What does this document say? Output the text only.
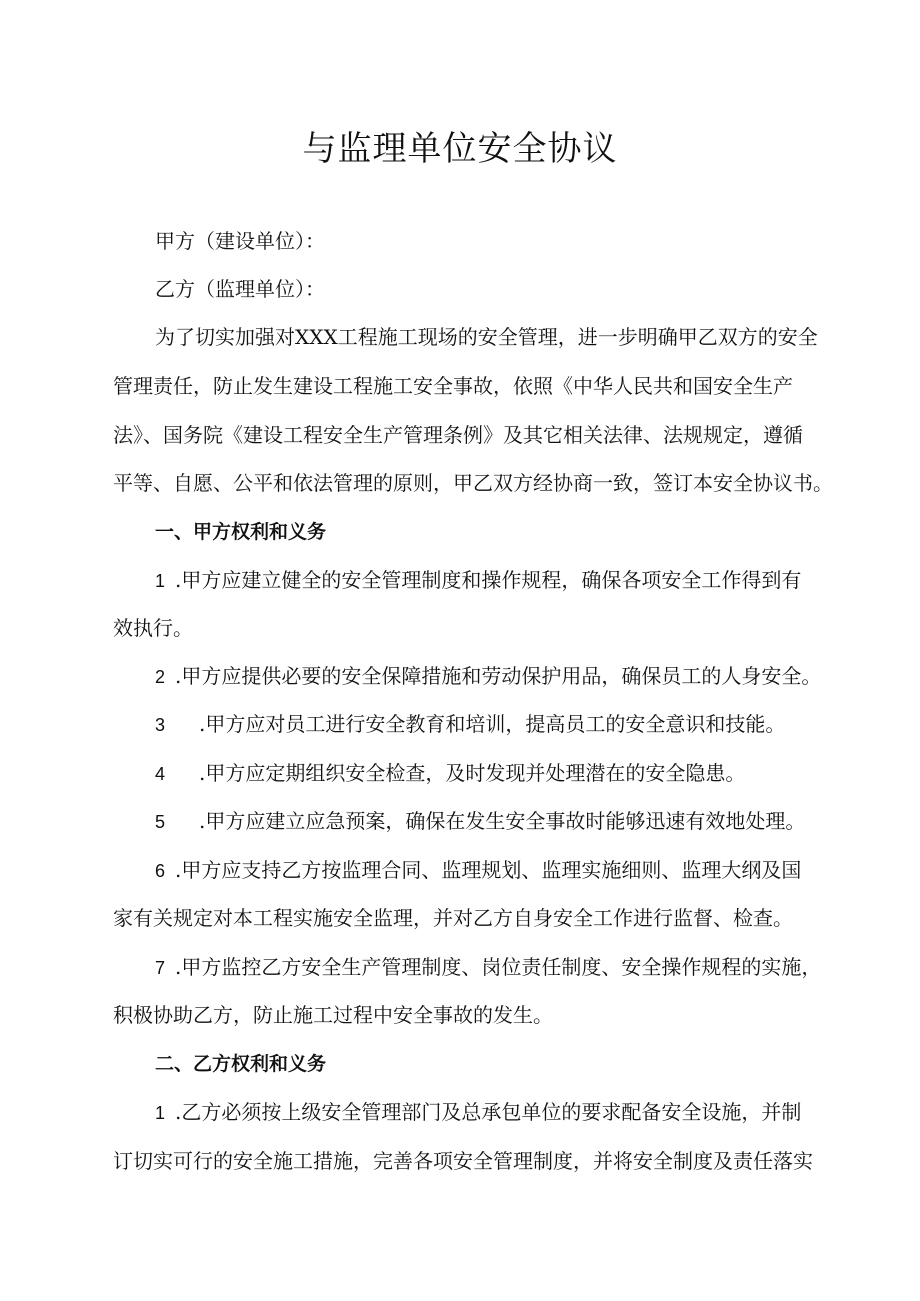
与监理单位安全协议

甲方（建设单位）：

乙方（监理单位）：

为了切实加强对XXX工程施工现场的安全管理，进一步明确甲乙双方的安全

管理责任，防止发生建设工程施工安全事故，依照《中华人民共和国安全生产

法》、国务院《建设工程安全生产管理条例》及其它相关法律、法规规定，遵循

平等、自愿、公平和依法管理的原则，甲乙双方经协商一致，签订本安全协议书。

一、甲方权利和义务

1 .甲方应建立健全的安全管理制度和操作规程，确保各项安全工作得到有

效执行。

2 .甲方应提供必要的安全保障措施和劳动保护用品，确保员工的人身安全。

3 .甲方应对员工进行安全教育和培训，提高员工的安全意识和技能。

4 .甲方应定期组织安全检查，及时发现并处理潜在的安全隐患。

5 .甲方应建立应急预案，确保在发生安全事故时能够迅速有效地处理。

6 .甲方应支持乙方按监理合同、监理规划、监理实施细则、监理大纲及国

家有关规定对本工程实施安全监理，并对乙方自身安全工作进行监督、检查。

7 .甲方监控乙方安全生产管理制度、岗位责任制度、安全操作规程的实施，

积极协助乙方，防止施工过程中安全事故的发生。

二、乙方权利和义务

1 .乙方必须按上级安全管理部门及总承包单位的要求配备安全设施，并制

订切实可行的安全施工措施，完善各项安全管理制度，并将安全制度及责任落实
